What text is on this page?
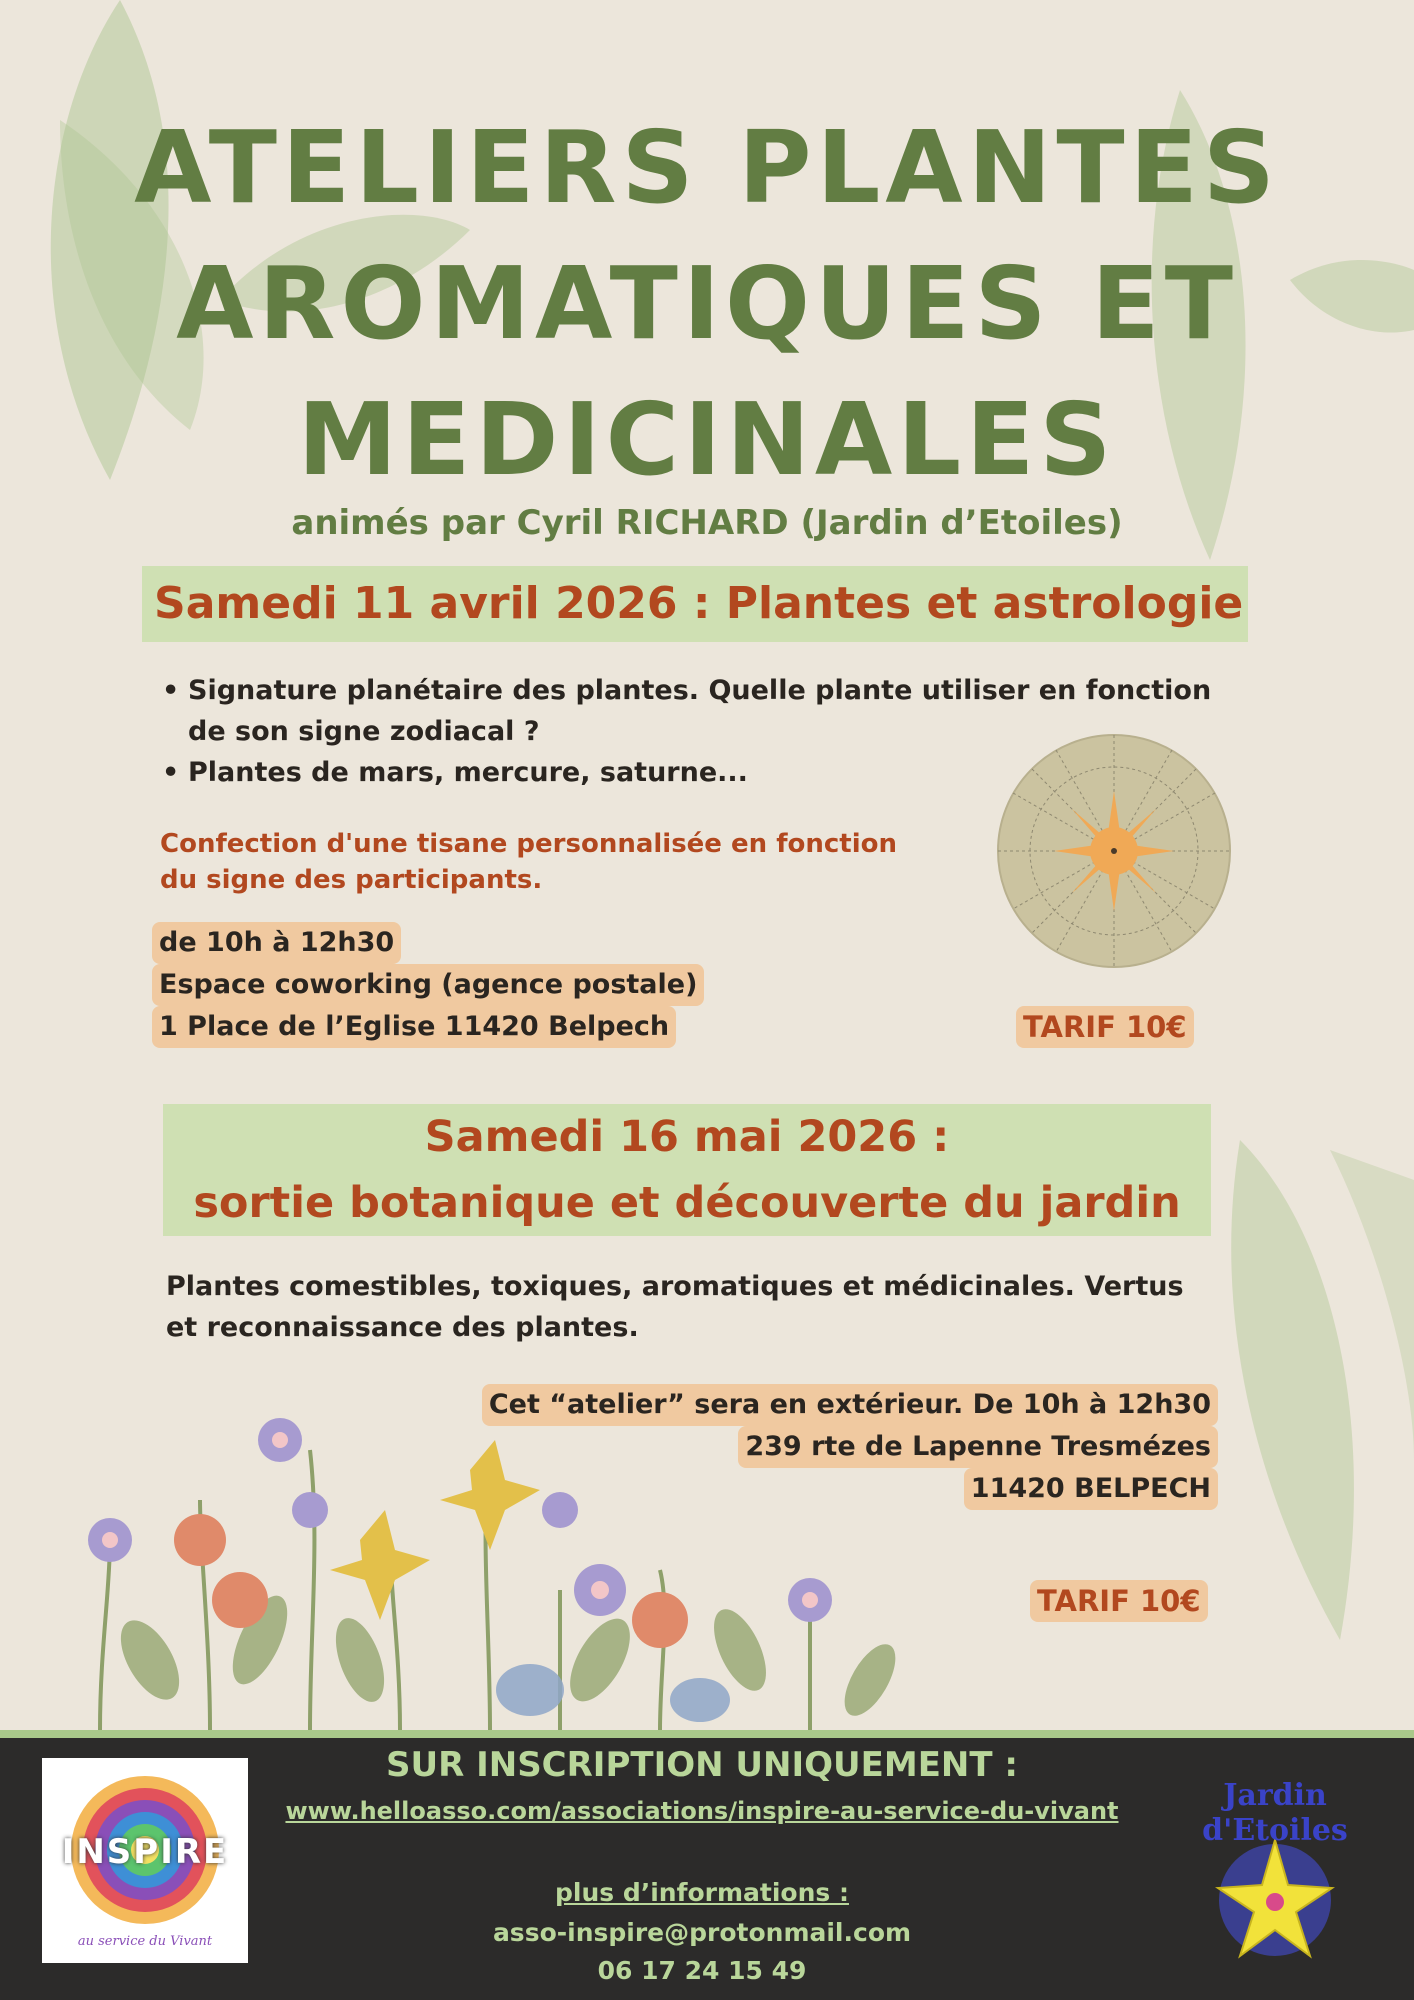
ATELIERS PLANTES
AROMATIQUES ET
MEDICINALES
animés par Cyril RICHARD (Jardin d’Etoiles)
Samedi 11 avril 2026 : Plantes et astrologie
• Signature planétaire des plantes. Quelle plante utiliser en fonction
de son signe zodiacal ?
• Plantes de mars, mercure, saturne...
Confection d'une tisane personnalisée en fonction
du signe des participants.
de 10h à 12h30
Espace coworking (agence postale)
1 Place de l’Eglise 11420 Belpech	TARIF 10€
Samedi 16 mai 2026 :
sortie botanique et découverte du jardin
Plantes comestibles, toxiques, aromatiques et médicinales. Vertus
et reconnaissance des plantes.
Cet “atelier” sera en extérieur. De 10h à 12h30
239 rte de Lapenne Tresmézes
11420 BELPECH
TARIF 10€
INSPIRE
au service du Vivant
SUR INSCRIPTION UNIQUEMENT :
www.helloasso.com/associations/inspire-au-service-du-vivant
plus d’informations :
asso-inspire@protonmail.com
06 17 24 15 49
Jardin d'Etoiles
